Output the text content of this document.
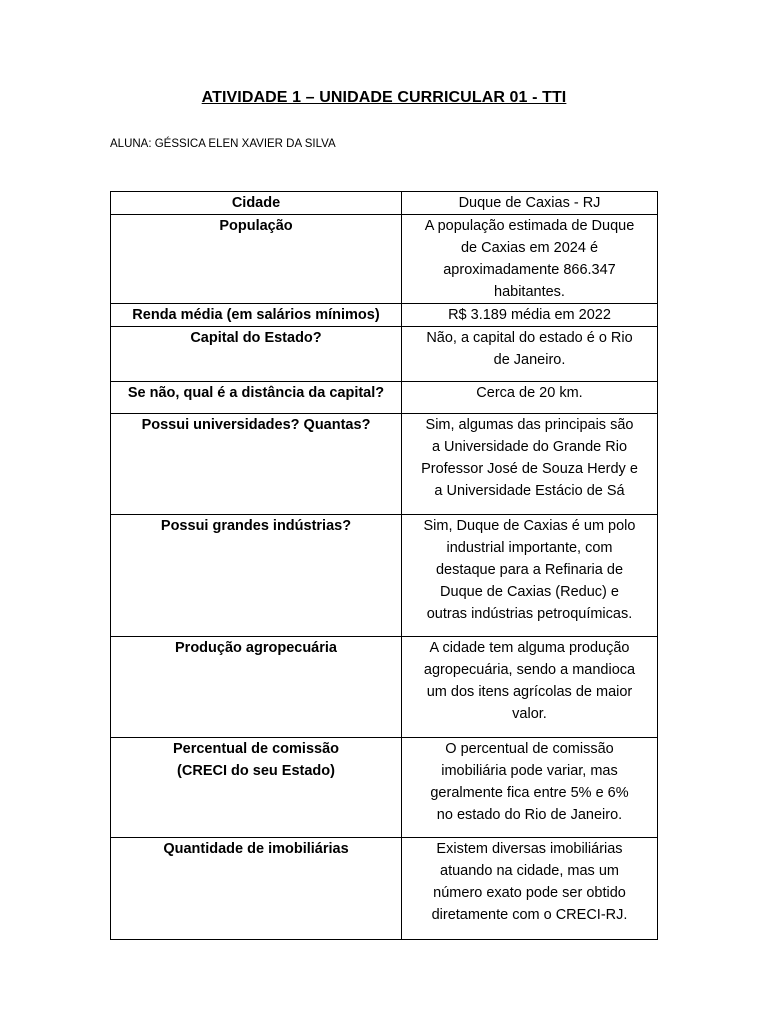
ATIVIDADE 1 – UNIDADE CURRICULAR 01 - TTI
ALUNA: GÉSSICA ELEN XAVIER DA SILVA
Cidade	Duque de Caxias - RJ

População	A população estimada de Duque
de Caxias em 2024 é
aproximadamente 866.347
habitantes.

Renda média (em salários mínimos)	R$ 3.189 média em 2022

Capital do Estado?	Não, a capital do estado é o Rio
de Janeiro.

Se não, qual é a distância da capital?	Cerca de 20 km.

Possui universidades? Quantas?	Sim, algumas das principais são
a Universidade do Grande Rio
Professor José de Souza Herdy e
a Universidade Estácio de Sá

Possui grandes indústrias?	Sim, Duque de Caxias é um polo
industrial importante, com
destaque para a Refinaria de
Duque de Caxias (Reduc) e
outras indústrias petroquímicas.

Produção agropecuária	A cidade tem alguma produção
agropecuária, sendo a mandioca
um dos itens agrícolas de maior
valor.

Percentual de comissão
(CRECI do seu Estado)	O percentual de comissão
imobiliária pode variar, mas
geralmente fica entre 5% e 6%
no estado do Rio de Janeiro.

Quantidade de imobiliárias	Existem diversas imobiliárias
atuando na cidade, mas um
número exato pode ser obtido
diretamente com o CRECI-RJ.
